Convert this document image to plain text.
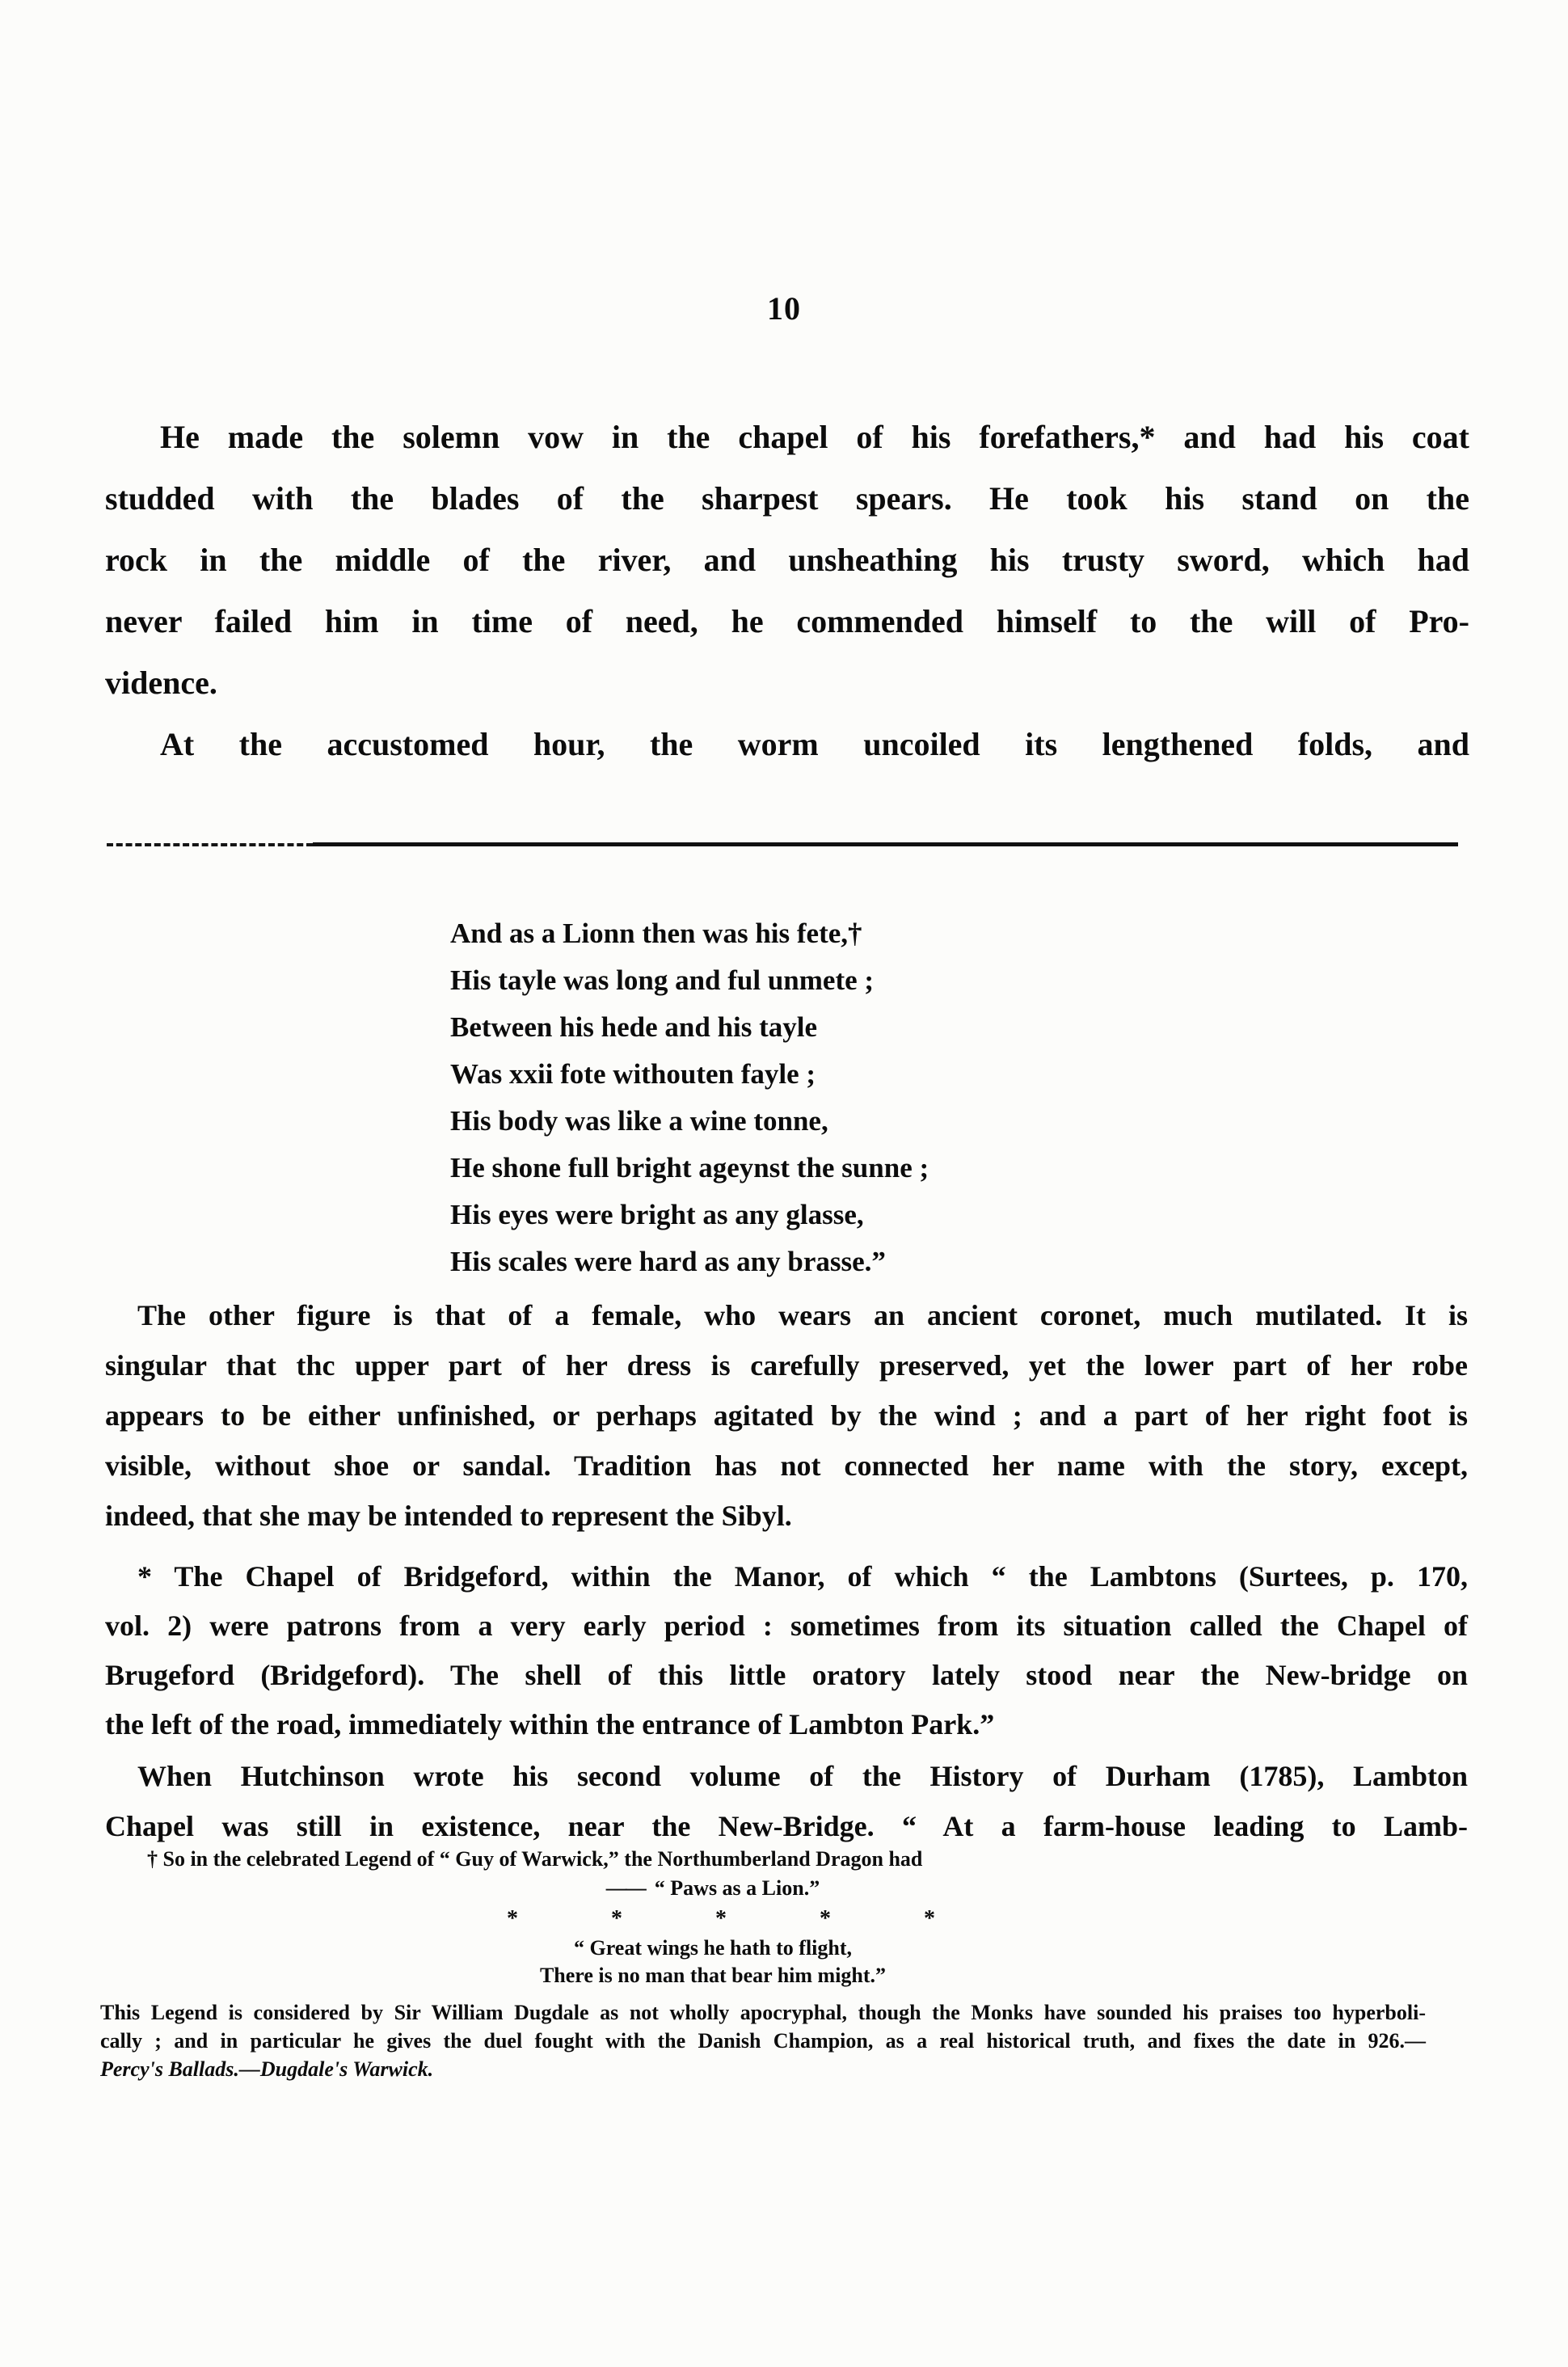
10
He made the solemn vow in the chapel of his forefathers,* and had his coat
studded with the blades of the sharpest spears. He took his stand on the
rock in the middle of the river, and unsheathing his trusty sword, which had
never failed him in time of need, he commended himself to the will of Pro-
vidence.
At the accustomed hour, the worm uncoiled its lengthened folds, and
And as a Lionn then was his fete,†
His tayle was long and ful unmete ;
Between his hede and his tayle
Was xxii fote withouten fayle ;
His body was like a wine tonne,
He shone full bright ageynst the sunne ;
His eyes were bright as any glasse,
His scales were hard as any brasse.”
The other figure is that of a female, who wears an ancient coronet, much mutilated. It is
singular that thc upper part of her dress is carefully preserved, yet the lower part of her robe
appears to be either unfinished, or perhaps agitated by the wind ; and a part of her right foot is
visible, without shoe or sandal. Tradition has not connected her name with the story, except,
indeed, that she may be intended to represent the Sibyl.
* The Chapel of Bridgeford, within the Manor, of which “ the Lambtons (Surtees, p. 170,
vol. 2) were patrons from a very early period : sometimes from its situation called the Chapel of
Brugeford (Bridgeford). The shell of this little oratory lately stood near the New-bridge on
the left of the road, immediately within the entrance of Lambton Park.”
When Hutchinson wrote his second volume of the History of Durham (1785), Lambton
Chapel was still in existence, near the New-Bridge. “ At a farm-house leading to Lamb-
† So in the celebrated Legend of “ Guy of Warwick,” the Northumberland Dragon had
—— “ Paws as a Lion.”
*	*	*	*	*
“ Great wings he hath to flight,
There is no man that bear him might.”
This Legend is considered by Sir William Dugdale as not wholly apocryphal, though the Monks have sounded his praises too hyperboli-
cally ; and in particular he gives the duel fought with the Danish Champion, as a real historical truth, and fixes the date in 926.—
Percy's Ballads.—Dugdale's Warwick.
